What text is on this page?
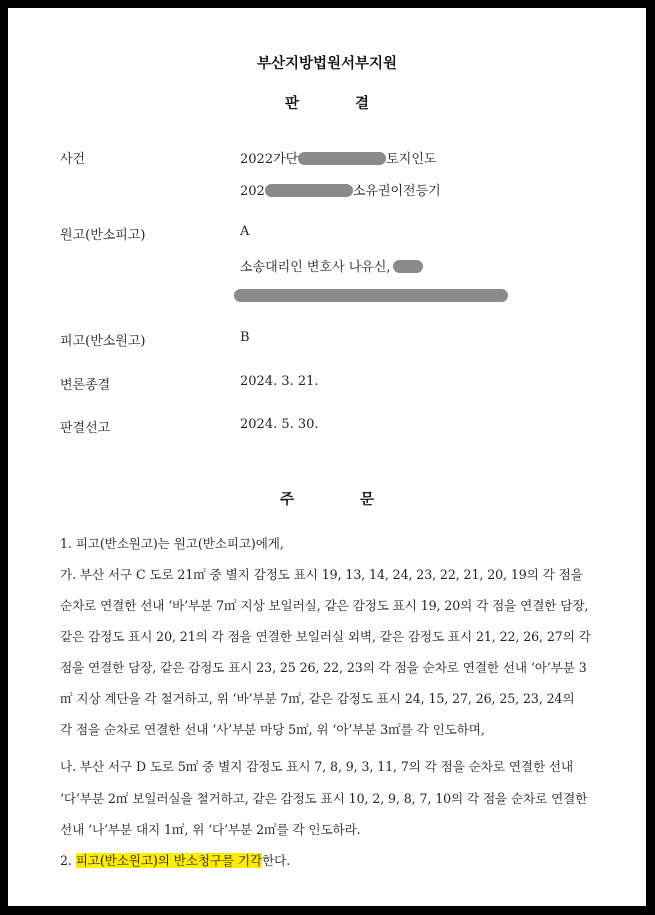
부산지방법원서부지원
판	결
사건	2022가단	토지인도
202	소유권이전등기
원고(반소피고)	A
소송대리인 변호사 나유신,
피고(반소원고)	B
변론종결	2024. 3. 21.
판결선고	2024. 5. 30.
주	문
1. 피고(반소원고)는 원고(반소피고)에게,
가. 부산 서구 C 도로 21㎡ 중 별지 감정도 표시 19, 13, 14, 24, 23, 22, 21, 20, 19의 각 점을
순차로 연결한 선내 ‘바’부분 7㎡ 지상 보일러실, 같은 감정도 표시 19, 20의 각 점을 연결한 담장,
같은 감정도 표시 20, 21의 각 점을 연결한 보일러실 외벽, 같은 감정도 표시 21, 22, 26, 27의 각
점을 연결한 담장, 같은 감정도 표시 23, 25 26, 22, 23의 각 점을 순차로 연결한 선내 ‘아’부분 3
㎡ 지상 계단을 각 철거하고, 위 ‘바’부분 7㎡, 같은 감정도 표시 24, 15, 27, 26, 25, 23, 24의
각 점을 순차로 연결한 선내 ‘사’부분 마당 5㎡, 위 ‘아’부분 3㎡를 각 인도하며,
나. 부산 서구 D 도로 5㎡ 중 별지 감정도 표시 7, 8, 9, 3, 11, 7의 각 점을 순차로 연결한 선내
‘다’부분 2㎡ 보일러실을 철거하고, 같은 감정도 표시 10, 2, 9, 8, 7, 10의 각 점을 순차로 연결한
선내 ‘나’부분 대지 1㎡, 위 ‘다’부분 2㎡를 각 인도하라.
2. 피고(반소원고)의 반소청구를 기각한다.
